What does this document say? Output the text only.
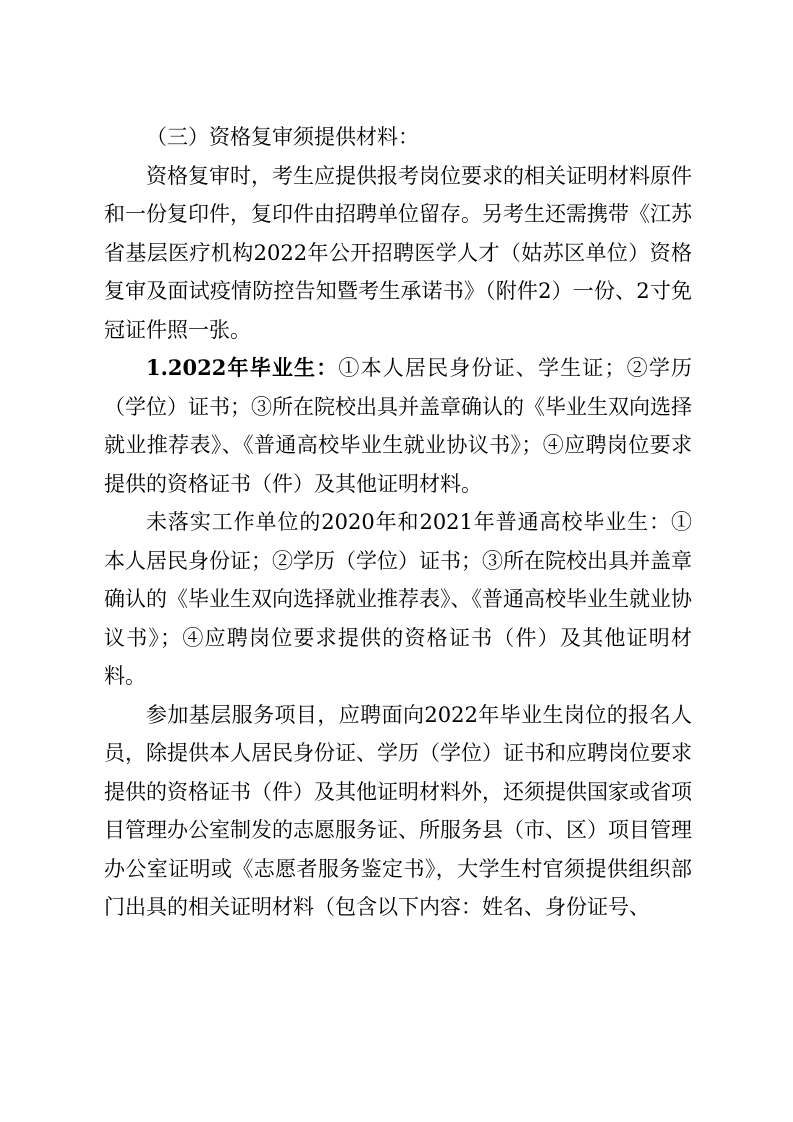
（三）资格复审须提供材料：

资格复审时，考生应提供报考岗位要求的相关证明材料原件和一份复印件，复印件由招聘单位留存。另考生还需携带《江苏省基层医疗机构2022年公开招聘医学人才（姑苏区单位）资格复审及面试疫情防控告知暨考生承诺书》（附件2）一份、2寸免冠证件照一张。

1.2022年毕业生：①本人居民身份证、学生证；②学历（学位）证书；③所在院校出具并盖章确认的《毕业生双向选择就业推荐表》、《普通高校毕业生就业协议书》；④应聘岗位要求提供的资格证书（件）及其他证明材料。

未落实工作单位的2020年和2021年普通高校毕业生：①本人居民身份证；②学历（学位）证书；③所在院校出具并盖章确认的《毕业生双向选择就业推荐表》、《普通高校毕业生就业协议书》；④应聘岗位要求提供的资格证书（件）及其他证明材料。

参加基层服务项目，应聘面向2022年毕业生岗位的报名人员，除提供本人居民身份证、学历（学位）证书和应聘岗位要求提供的资格证书（件）及其他证明材料外，还须提供国家或省项目管理办公室制发的志愿服务证、所服务县（市、区）项目管理办公室证明或《志愿者服务鉴定书》，大学生村官须提供组织部门出具的相关证明材料（包含以下内容：姓名、身份证号、
